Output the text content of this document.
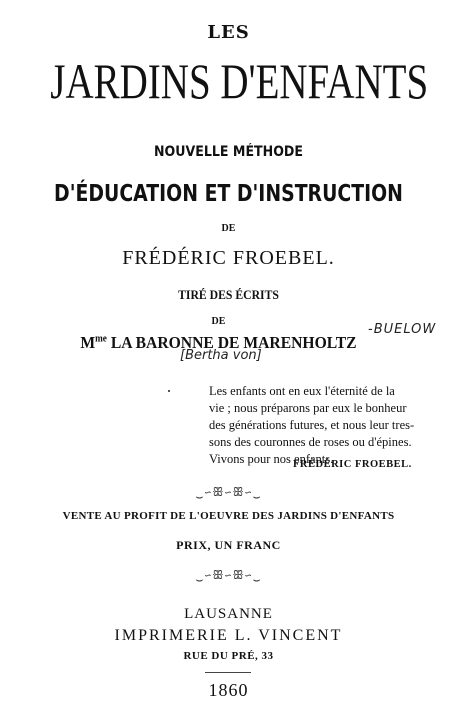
LES
JARDINS D'ENFANTS
NOUVELLE MÉTHODE
D'ÉDUCATION ET D'INSTRUCTION
DE
FRÉDÉRIC FROEBEL.
TIRÉ DES ÉCRITS
DE
$M^{me}$ LA BARONNE DE MARENHOLTZ
-BUELOW
[Bertha von]
Les enfants ont en eux l'éternité de la
vie ; nous préparons par eux le bonheur
des générations futures, et nous leur tres-
sons des couronnes de roses ou d'épines.
Vivons pour nos enfants.
FRÉDÉRIC FROEBEL.
‿∽ꕥ∽ꕥ∽‿
VENTE AU PROFIT DE L'OEUVRE DES JARDINS D'ENFANTS
PRIX, UN FRANC
‿∽ꕥ∽ꕥ∽‿
LAUSANNE
IMPRIMERIE L. VINCENT
RUE DU PRÉ, 33
1860
